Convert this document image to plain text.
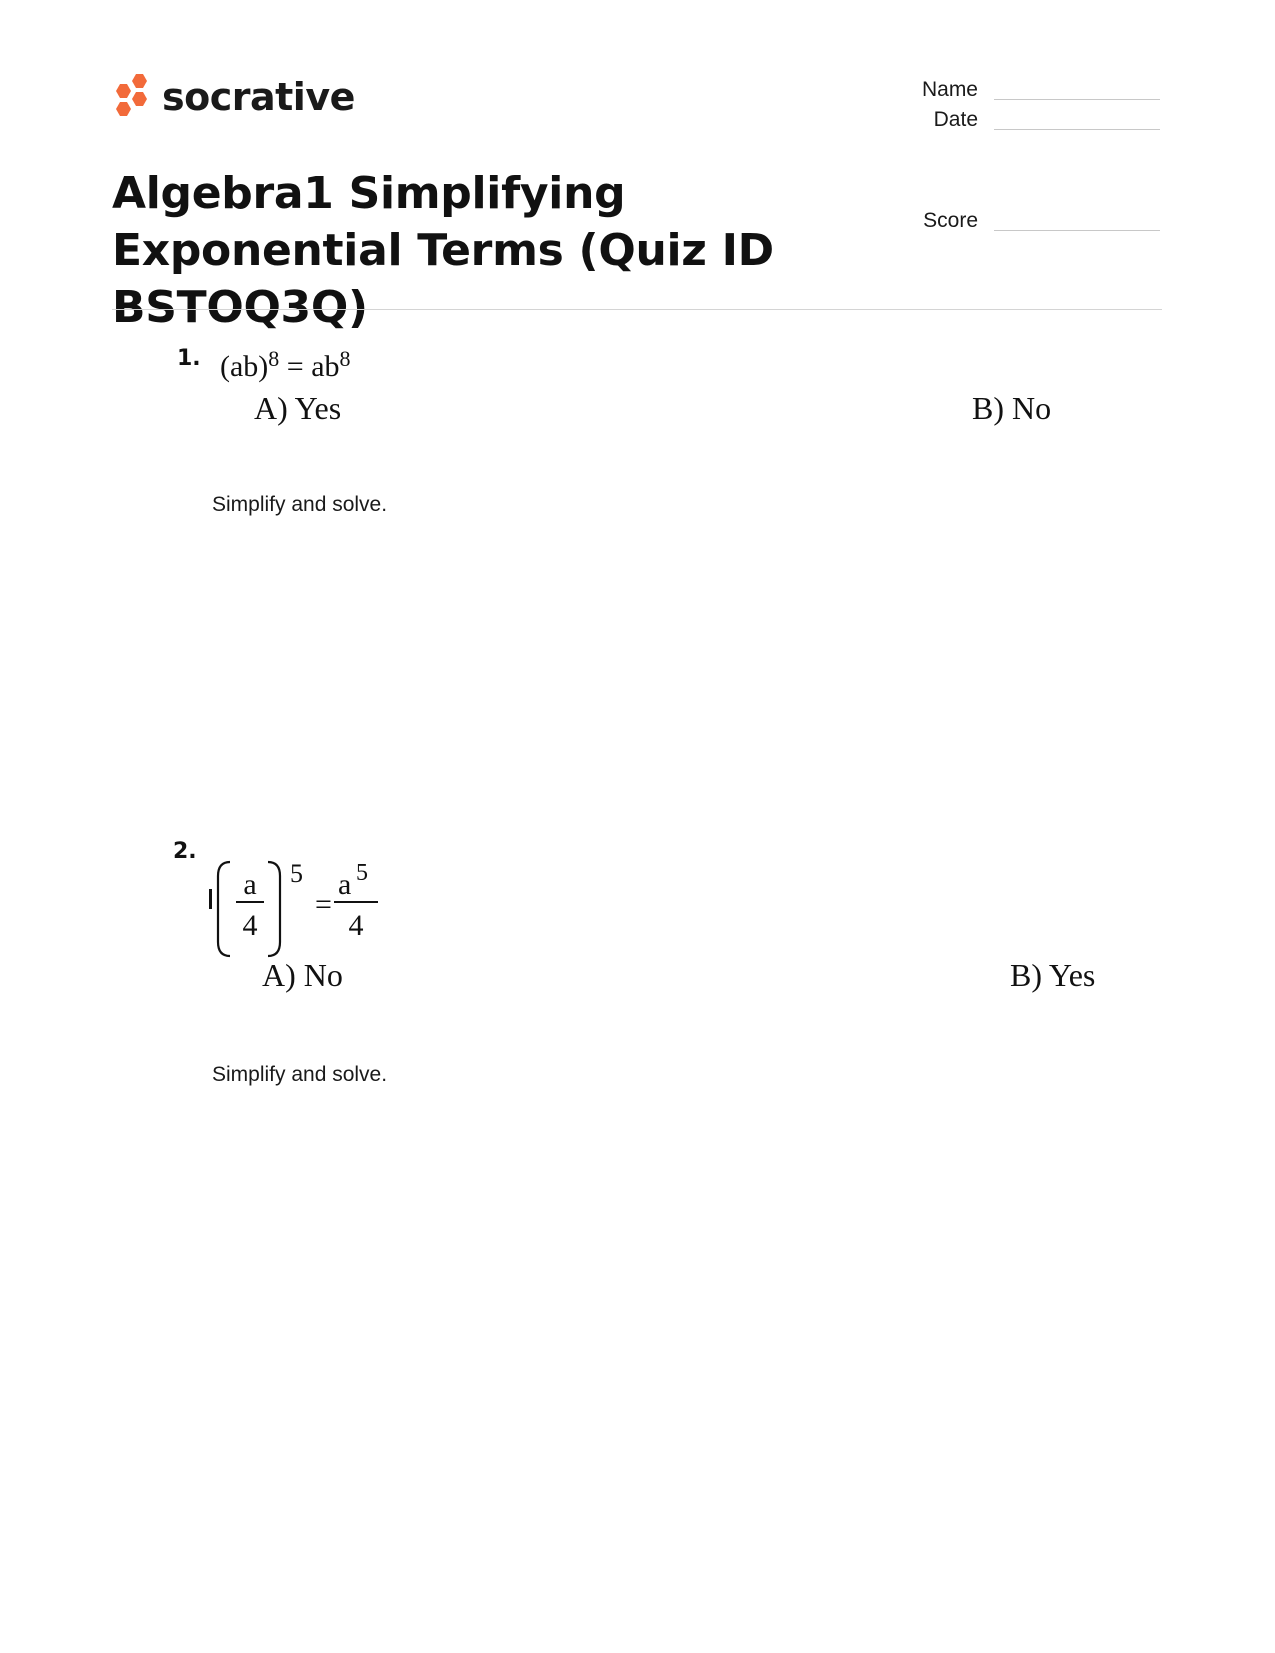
socrative	Name
Date
Score
Algebra1 Simplifying Exponential Terms (Quiz ID BSTOQ3Q)
1. $(ab)^8 = ab^8$
A) Yes	B) No
Simplify and solve.
2.
a
4
5
=
a 5
4
A) No	B) Yes
Simplify and solve.
